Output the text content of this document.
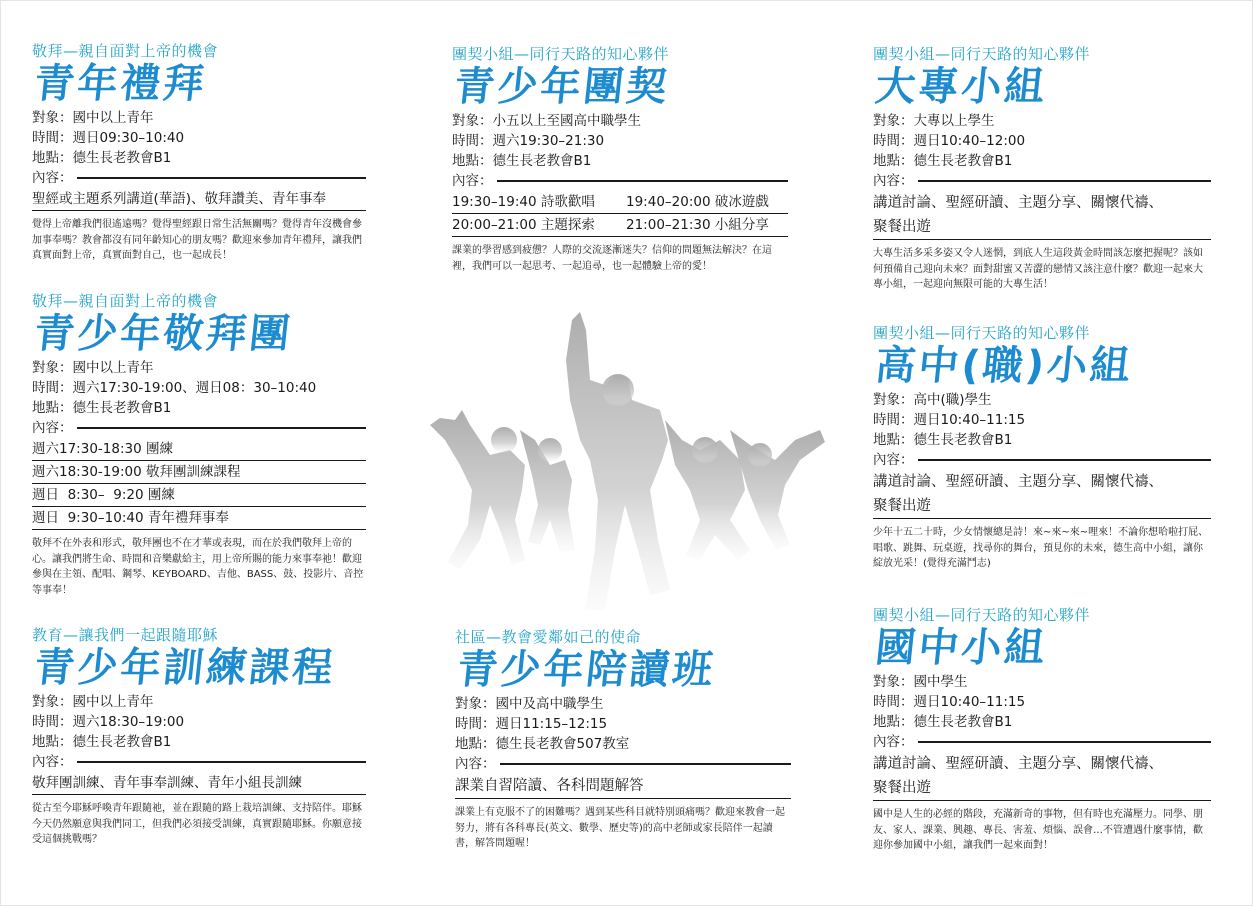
敬拜—親自面對上帝的機會
青年禮拜
對象：國中以上青年
時間：週日09:30–10:40
地點：德生長老教會B1
內容：
聖經或主題系列講道(華語)、敬拜讚美、青年事奉
覺得上帝離我們很遙遠嗎？覺得聖經跟日常生活無關嗎？覺得青年沒機會參加事奉嗎？教會都沒有同年齡知心的朋友嗎？歡迎來參加青年禮拜，讓我們真實面對上帝，真實面對自己，也一起成長！
敬拜—親自面對上帝的機會
青少年敬拜團
對象：國中以上青年
時間：週六17:30-19:00、週日08：30–10:40
地點：德生長老教會B1
內容：
週六17:30-18:30 團練
週六18:30-19:00 敬拜團訓練課程
週日  8:30–  9:20 團練
週日  9:30–10:40 青年禮拜事奉
敬拜不在外表和形式，敬拜團也不在才華或表現，而在於我們敬拜上帝的心。讓我們將生命、時間和音樂獻給主，用上帝所賜的能力來事奉祂！歡迎參與在主領、配唱、鋼琴、KEYBOARD、吉他、BASS、鼓、投影片、音控等事奉！
教育—讓我們一起跟隨耶穌
青少年訓練課程
對象：國中以上青年
時間：週六18:30–19:00
地點：德生長老教會B1
內容：
敬拜團訓練、青年事奉訓練、青年小組長訓練
從古至今耶穌呼喚青年跟隨祂，並在跟隨的路上栽培訓練、支持陪伴。耶穌今天仍然願意與我們同工，但我們必須接受訓練，真實跟隨耶穌。你願意接受這個挑戰嗎？
團契小組—同行天路的知心夥伴
青少年團契
對象：小五以上至國高中職學生
時間：週六19:30–21:30
地點：德生長老教會B1
內容：
19:30–19:40 詩歌歡唱	19:40–20:00 破冰遊戲
20:00–21:00 主題探索	21:00–21:30 小組分享
課業的學習感到疲憊？人際的交流逐漸迷失？信仰的問題無法解決？在這裡，我們可以一起思考、一起追尋，也一起體驗上帝的愛！
社區—教會愛鄰如己的使命
青少年陪讀班
對象：國中及高中職學生
時間：週日11:15–12:15
地點：德生長老教會507教室
內容：
課業自習陪讀、各科問題解答
課業上有克服不了的困難嗎？遇到某些科目就特別頭痛嗎？歡迎來教會一起努力，將有各科專長(英文、數學、歷史等)的高中老師或家長陪伴一起讀書，解答問題喔！
團契小組—同行天路的知心夥伴
大專小組
對象：大專以上學生
時間：週日10:40–12:00
地點：德生長老教會B1
內容：
講道討論、聖經研讀、主題分享、關懷代禱、
聚餐出遊
大專生活多采多姿又令人迷惘，到底人生這段黃金時間該怎麼把握呢？該如何預備自己迎向未來？面對甜蜜又苦澀的戀情又該注意什麼？歡迎一起來大專小組，一起迎向無限可能的大專生活！
團契小組—同行天路的知心夥伴
高中(職)小組
對象：高中(職)學生
時間：週日10:40–11:15
地點：德生長老教會B1
內容：
講道討論、聖經研讀、主題分享、關懷代禱、
聚餐出遊
少年十五二十時，少女情懷總是詩！來~來~來~哩來！不論你想哈啦打屁、唱歌、跳舞、玩桌遊，找尋你的舞台，預見你的未來，德生高中小組，讓你綻放光采！(覺得充滿鬥志)
團契小組—同行天路的知心夥伴
國中小組
對象：國中學生
時間：週日10:40–11:15
地點：德生長老教會B1
內容：
講道討論、聖經研讀、主題分享、關懷代禱、
聚餐出遊
國中是人生的必經的階段，充滿新奇的事物，但有時也充滿壓力。同學、朋友、家人、課業、興趣、專長、害羞、煩惱、誤會…不管遭遇什麼事情，歡迎你參加國中小組，讓我們一起來面對！
